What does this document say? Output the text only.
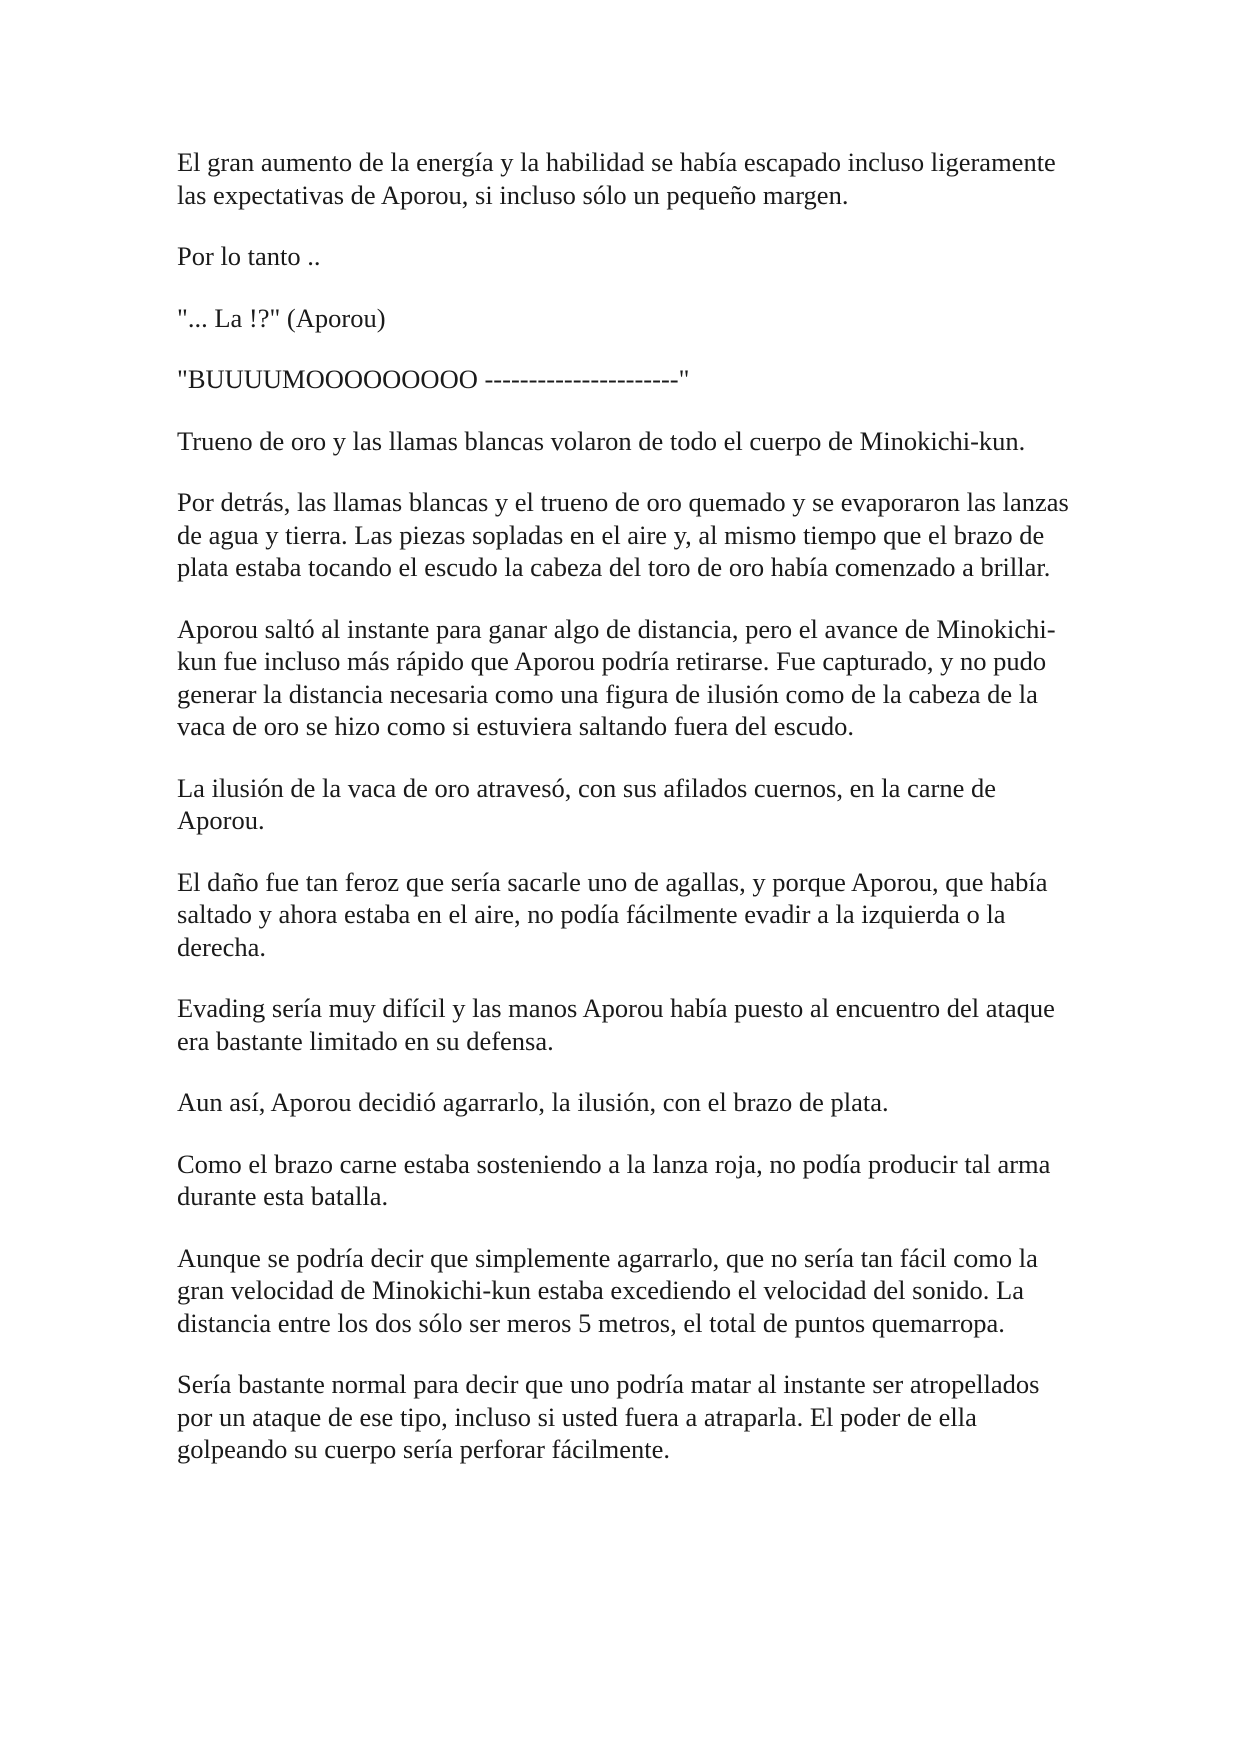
El gran aumento de la energía y la habilidad se había escapado incluso ligeramente las expectativas de Aporou, si incluso sólo un pequeño margen.

Por lo tanto ..

"... La !?" (Aporou)

"BUUUUMOOOOOOOOO ----------------------"

Trueno de oro y las llamas blancas volaron de todo el cuerpo de Minokichi-kun.

Por detrás, las llamas blancas y el trueno de oro quemado y se evaporaron las lanzas de agua y tierra. Las piezas sopladas en el aire y, al mismo tiempo que el brazo de plata estaba tocando el escudo la cabeza del toro de oro había comenzado a brillar.

Aporou saltó al instante para ganar algo de distancia, pero el avance de Minokichi-kun fue incluso más rápido que Aporou podría retirarse. Fue capturado, y no pudo generar la distancia necesaria como una figura de ilusión como de la cabeza de la vaca de oro se hizo como si estuviera saltando fuera del escudo.

La ilusión de la vaca de oro atravesó, con sus afilados cuernos, en la carne de Aporou.

El daño fue tan feroz que sería sacarle uno de agallas, y porque Aporou, que había saltado y ahora estaba en el aire, no podía fácilmente evadir a la izquierda o la derecha.

Evading sería muy difícil y las manos Aporou había puesto al encuentro del ataque era bastante limitado en su defensa.

Aun así, Aporou decidió agarrarlo, la ilusión, con el brazo de plata.

Como el brazo carne estaba sosteniendo a la lanza roja, no podía producir tal arma durante esta batalla.

Aunque se podría decir que simplemente agarrarlo, que no sería tan fácil como la gran velocidad de Minokichi-kun estaba excediendo el velocidad del sonido. La distancia entre los dos sólo ser meros 5 metros, el total de puntos quemarropa.

Sería bastante normal para decir que uno podría matar al instante ser atropellados por un ataque de ese tipo, incluso si usted fuera a atraparla. El poder de ella golpeando su cuerpo sería perforar fácilmente.
